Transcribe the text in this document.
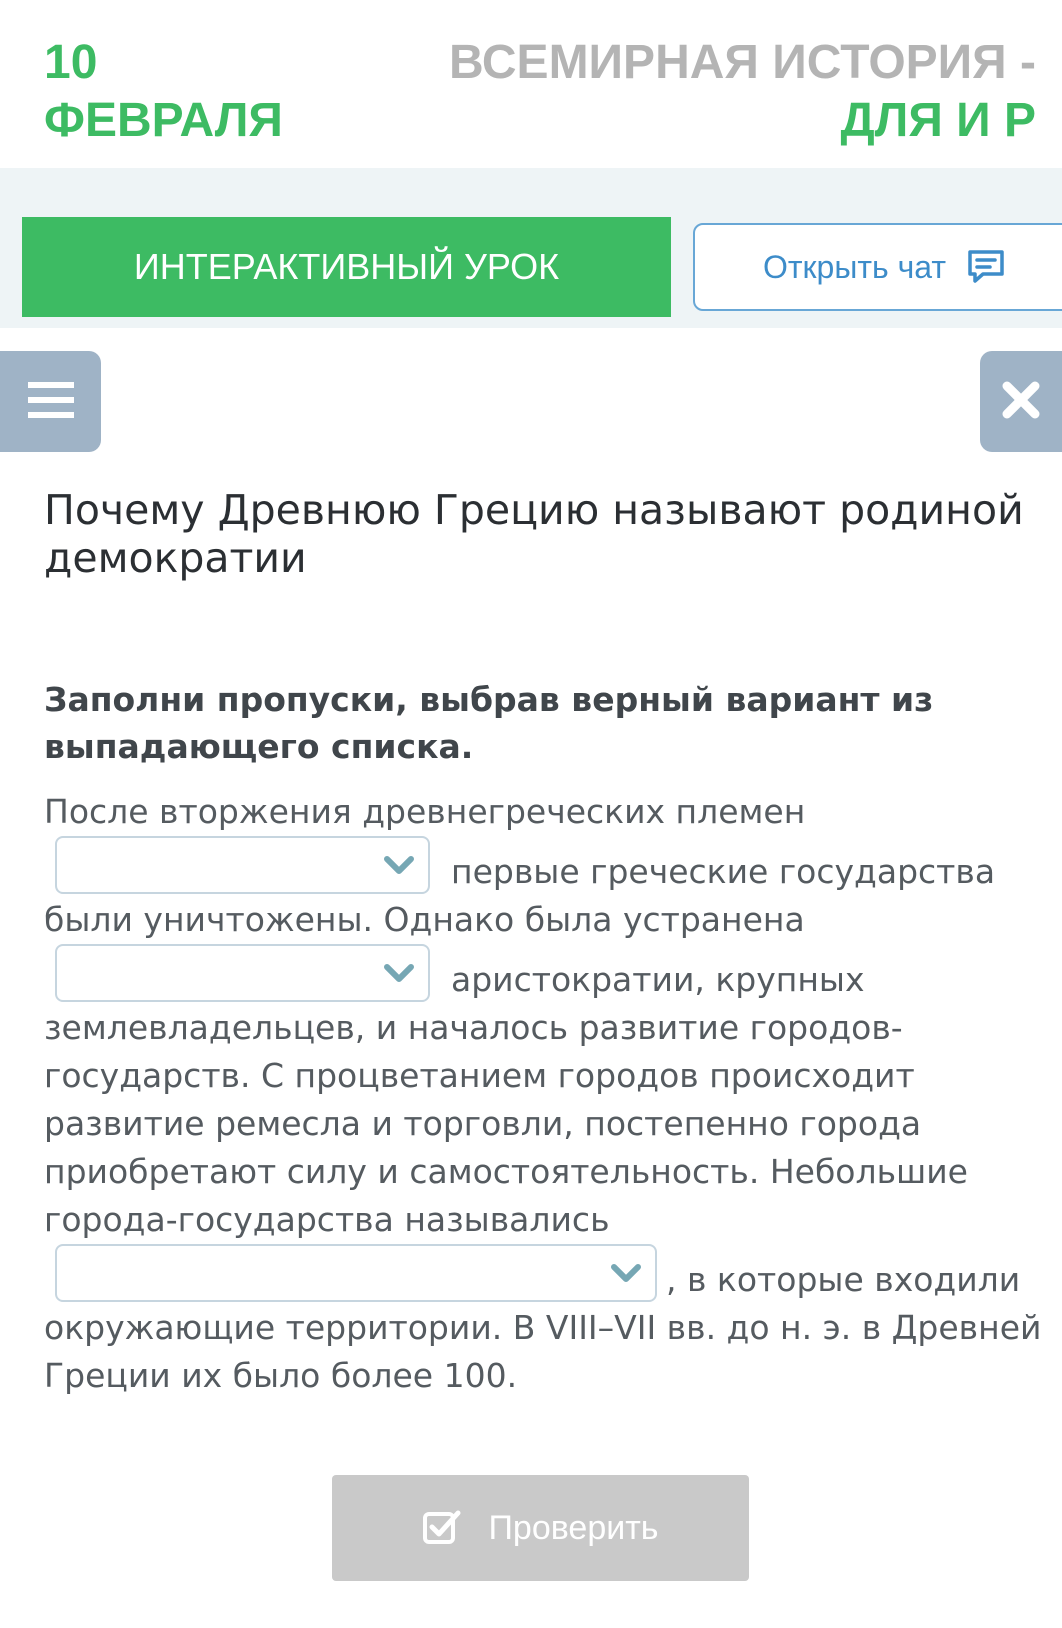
10
ФЕВРАЛЯ
ВСЕМИРНАЯ ИСТОРИЯ -
ДЛЯ И Р
ИНТЕРАКТИВНЫЙ УРОК	Открыть чат
Почему Древнюю Грецию называют родиной демократии

Заполни пропуски, выбрав верный вариант из выпадающего списка.

После вторжения древнегреческих племен
первые греческие государства
были уничтожены. Однако была устранена
аристократии, крупных
землевладельцев, и началось развитие городов-
государств. С процветанием городов происходит
развитие ремесла и торговли, постепенно города
приобретают силу и самостоятельность. Небольшие
города-государства назывались
, в которые входили
окружающие территории. В VIII–VII вв. до н. э. в Древней
Греции их было более 100.
Проверить
